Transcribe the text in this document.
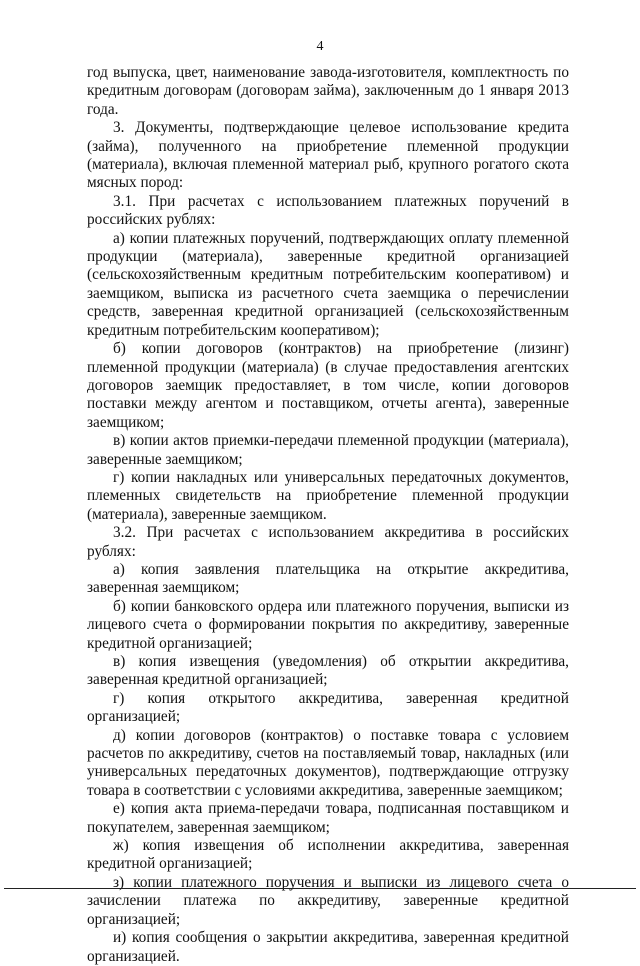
4

год выпуска, цвет, наименование завода-изготовителя, комплектность по кредитным договорам (договорам займа), заключенным до 1 января 2013 года.

3. Документы, подтверждающие целевое использование кредита (займа), полученного на приобретение племенной продукции (материала), включая племенной материал рыб, крупного рогатого скота мясных пород:

3.1. При расчетах с использованием платежных поручений в российских рублях:

а) копии платежных поручений, подтверждающих оплату племенной продукции (материала), заверенные кредитной организацией (сельскохозяйственным кредитным потребительским кооперативом) и заемщиком, выписка из расчетного счета заемщика о перечислении средств, заверенная кредитной организацией (сельскохозяйственным кредитным потребительским кооперативом);

б) копии договоров (контрактов) на приобретение (лизинг) племенной продукции (материала) (в случае предоставления агентских договоров заемщик предоставляет, в том числе, копии договоров поставки между агентом и поставщиком, отчеты агента), заверенные заемщиком;

в) копии актов приемки-передачи племенной продукции (материала), заверенные заемщиком;

г) копии накладных или универсальных передаточных документов, племенных свидетельств на приобретение племенной продукции (материала), заверенные заемщиком.

3.2. При расчетах с использованием аккредитива в российских рублях:

а) копия заявления плательщика на открытие аккредитива, заверенная заемщиком;

б) копии банковского ордера или платежного поручения, выписки из лицевого счета о формировании покрытия по аккредитиву, заверенные кредитной организацией;

в) копия извещения (уведомления) об открытии аккредитива, заверенная кредитной организацией;

г) копия открытого аккредитива, заверенная кредитной организацией;

д) копии договоров (контрактов) о поставке товара с условием расчетов по аккредитиву, счетов на поставляемый товар, накладных (или универсальных передаточных документов), подтверждающие отгрузку товара в соответствии с условиями аккредитива, заверенные заемщиком;

е) копия акта приема-передачи товара, подписанная поставщиком и покупателем, заверенная заемщиком;

ж) копия извещения об исполнении аккредитива, заверенная кредитной организацией;

з) копии платежного поручения и выписки из лицевого счета о зачислении платежа по аккредитиву, заверенные кредитной организацией;

и) копия сообщения о закрытии аккредитива, заверенная кредитной организацией.
